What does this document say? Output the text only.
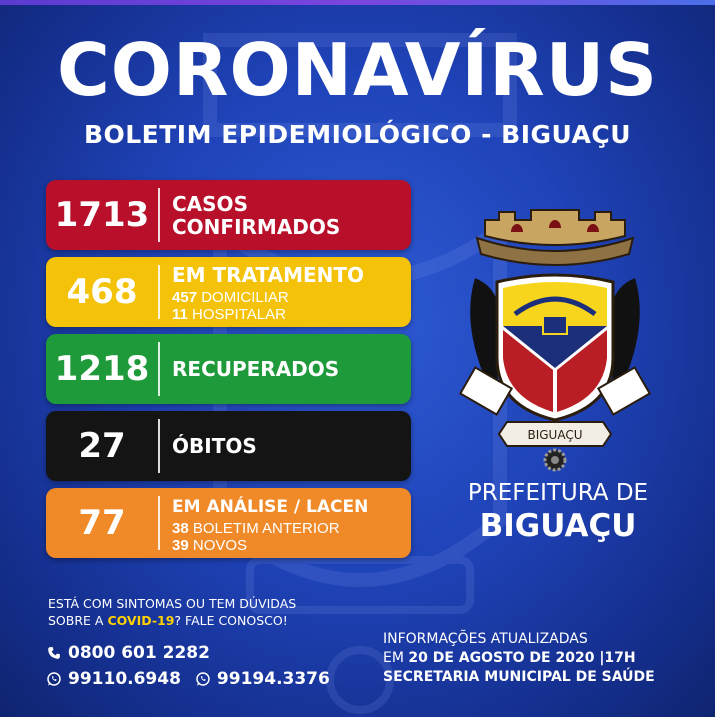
CORONAVÍRUS
BOLETIM EPIDEMIOLÓGICO - BIGUAÇU
1713	CASOS
CONFIRMADOS
468	EM TRATAMENTO
457 DOMICILIAR
11 HOSPITALAR
1218	RECUPERADOS
27	ÓBITOS
77	EM ANÁLISE / LACEN
38 BOLETIM ANTERIOR
39 NOVOS
BIGUAÇU
PREFEITURA DE
BIGUAÇU
ESTÁ COM SINTOMAS OU TEM DÚVIDAS
SOBRE A COVID-19? FALE CONOSCO!
0800 601 2282
99110.6948 99194.3376
INFORMAÇÕES ATUALIZADAS
EM 20 DE AGOSTO DE 2020 |17H
SECRETARIA MUNICIPAL DE SAÚDE
